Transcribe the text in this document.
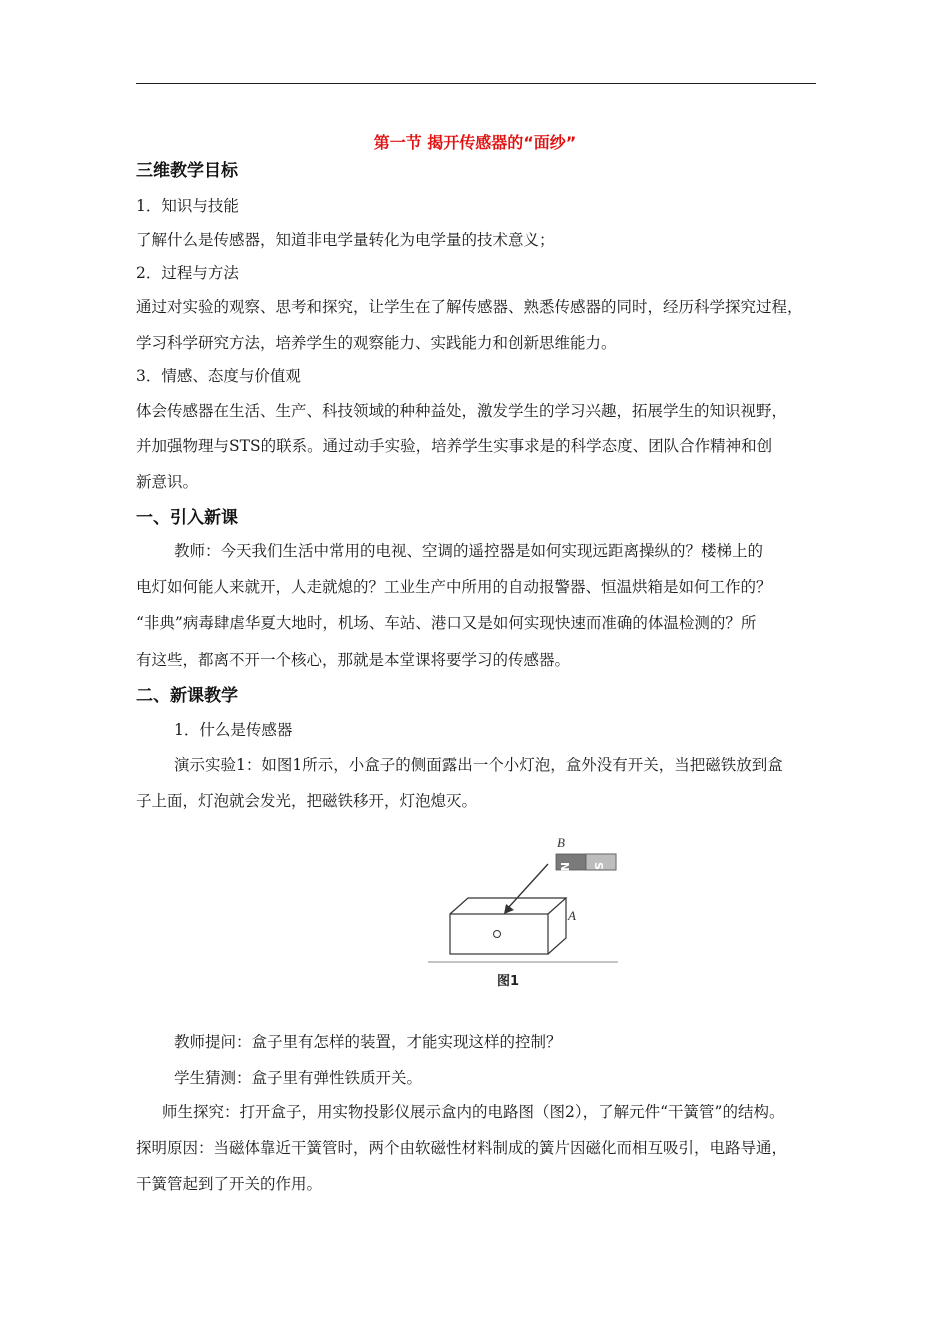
第一节 揭开传感器的“面纱”
三维教学目标
1．知识与技能
了解什么是传感器，知道非电学量转化为电学量的技术意义；
2．过程与方法
通过对实验的观察、思考和探究，让学生在了解传感器、熟悉传感器的同时，经历科学探究过程，
学习科学研究方法，培养学生的观察能力、实践能力和创新思维能力。
3．情感、态度与价值观
体会传感器在生活、生产、科技领域的种种益处，激发学生的学习兴趣，拓展学生的知识视野，
并加强物理与STS的联系。通过动手实验，培养学生实事求是的科学态度、团队合作精神和创
新意识。
一、引入新课
教师：今天我们生活中常用的电视、空调的遥控器是如何实现远距离操纵的？楼梯上的
电灯如何能人来就开，人走就熄的？工业生产中所用的自动报警器、恒温烘箱是如何工作的？
“非典”病毒肆虐华夏大地时，机场、车站、港口又是如何实现快速而准确的体温检测的？所
有这些，都离不开一个核心，那就是本堂课将要学习的传感器。
二、新课教学
1．什么是传感器
演示实验1：如图1所示，小盒子的侧面露出一个小灯泡，盒外没有开关，当把磁铁放到盒
子上面，灯泡就会发光，把磁铁移开，灯泡熄灭。
B
N S
A
图1
教师提问：盒子里有怎样的装置，才能实现这样的控制？
学生猜测：盒子里有弹性铁质开关。
师生探究：打开盒子，用实物投影仪展示盒内的电路图（图2），了解元件“干簧管”的结构。
探明原因：当磁体靠近干簧管时，两个由软磁性材料制成的簧片因磁化而相互吸引，电路导通，
干簧管起到了开关的作用。
